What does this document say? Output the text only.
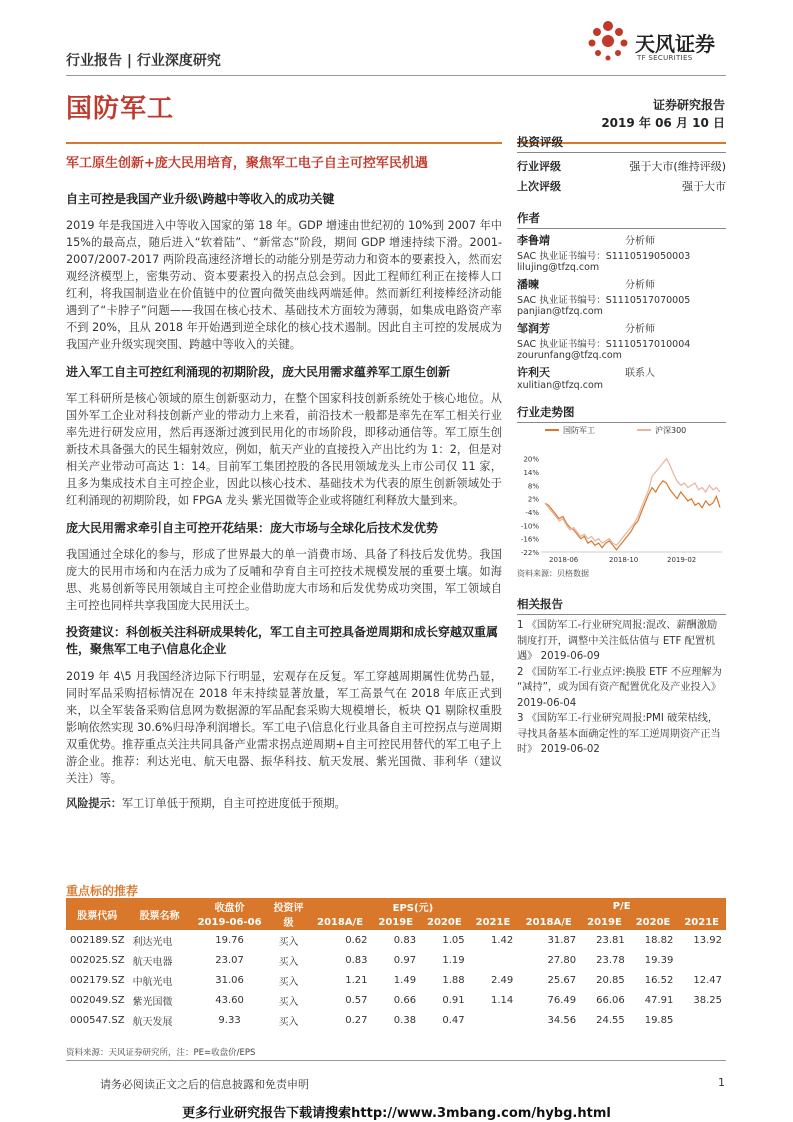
行业报告 | 行业深度研究
天风证券
TF SECURITIES
国防军工	证券研究报告
2019 年 06 月 10 日
军工原生创新+庞大民用培育，聚焦军工电子自主可控军民机遇
自主可控是我国产业升级\跨越中等收入的成功关键

2019 年是我国进入中等收入国家的第 18 年。GDP 增速由世纪初的 10%到 2007 年中 15%的最高点，随后进入“软着陆”、“新常态”阶段，期间 GDP 增速持续下滑。2001-2007/2007-2017 两阶段高速经济增长的动能分别是劳动力和资本的要素投入，然而宏观经济模型上，密集劳动、资本要素投入的拐点总会到。因此工程师红利正在接棒人口红利，将我国制造业在价值链中的位置向微笑曲线两端延伸。然而新红利接棒经济动能遇到了“卡脖子”问题——我国在核心技术、基础技术方面较为薄弱，如集成电路资产率不到 20%，且从 2018 年开始遇到逆全球化的核心技术遏制。因此自主可控的发展成为我国产业升级实现突围、跨越中等收入的关键。

进入军工自主可控红利涌现的初期阶段，庞大民用需求蕴养军工原生创新

军工科研所是核心领域的原生创新驱动力，在整个国家科技创新系统处于核心地位。从国外军工企业对科技创新产业的带动力上来看，前沿技术一般都是率先在军工相关行业率先进行研发应用，然后再逐渐过渡到民用化的市场阶段，即移动通信等。军工原生创新技术具备强大的民生辐射效应，例如，航天产业的直接投入产出比约为 1：2，但是对相关产业带动可高达 1：14。目前军工集团控股的各民用领域龙头上市公司仅 11 家，且多为集成技术自主可控企业，因此以核心技术、基础技术为代表的原生创新领域处于红利涌现的初期阶段，如 FPGA 龙头 紫光国微等企业或将随红利释放大量到来。

庞大民用需求牵引自主可控开花结果：庞大市场与全球化后技术发优势

我国通过全球化的参与，形成了世界最大的单一消费市场、具备了科技后发优势。我国庞大的民用市场和内在活力成为了反哺和孕育自主可控技术规模发展的重要土壤。如海思、兆易创新等民用领域自主可控企业借助庞大市场和后发优势成功突围，军工领域自主可控也同样共享我国庞大民用沃土。

投资建议：科创板关注科研成果转化，军工自主可控具备逆周期和成长穿越双重属性，聚焦军工电子\信息化企业

2019 年 4\5 月我国经济边际下行明显，宏观存在反复。军工穿越周期属性优势凸显，同时军品采购招标情况在 2018 年末持续显著放量，军工高景气在 2018 年底正式到来，以全军装备采购信息网为数据源的军品配套采购大规模增长，板块 Q1 剔除权重股影响依然实现 30.6%归母净利润增长。军工电子\信息化行业具备自主可控拐点与逆周期双重优势。推荐重点关注共同具备产业需求拐点逆周期+自主可控民用替代的军工电子上游企业。推荐：利达光电、航天电器、振华科技、航天发展、紫光国微、菲利华（建议关注）等。

风险提示：军工订单低于预期，自主可控进度低于预期。

投资评级
行业评级	强于大市(维持评级)
上次评级	强于大市
作者
李鲁靖	分析师
SAC 执业证书编号：S1110519050003
lilujing@tfzq.com
潘暕	分析师
SAC 执业证书编号：S1110517070005
panjian@tfzq.com
邹润芳	分析师
SAC 执业证书编号：S1110517010004
zourunfang@tfzq.com
许利天	联系人
xulitian@tfzq.com
行业走势图
国防军工	沪深300
20%
14%
8%
2%
-4%
-10%
-16%
-22%
2018-06	2018-10	2019-02
资料来源：贝格数据
相关报告
1 《国防军工-行业研究周报:混改、薪酬激励制度打开，调整中关注低估值与 ETF 配置机遇》 2019-06-09
2 《国防军工-行业点评:换股 ETF 不应理解为 “减持”，或为国有资产配置优化及产业投入》 2019-06-04
3 《国防军工-行业研究周报:PMI 破荣枯线，寻找具备基本面确定性的军工逆周期资产正当时》 2019-06-02
重点标的推荐
股票代码	股票名称	收盘价	投资评级	EPS(元)				P/E			
		2019-06-06		2018A/E	2019E	2020E	2021E	2018A/E	2019E	2020E	2021E
002189.SZ	利达光电	19.76	买入	0.62	0.83	1.05	1.42	31.87	23.81	18.82	13.92
002025.SZ	航天电器	23.07	买入	0.83	0.97	1.19		27.80	23.78	19.39	
002179.SZ	中航光电	31.06	买入	1.21	1.49	1.88	2.49	25.67	20.85	16.52	12.47
002049.SZ	紫光国微	43.60	买入	0.57	0.66	0.91	1.14	76.49	66.06	47.91	38.25
000547.SZ	航天发展	9.33	买入	0.27	0.38	0.47		34.56	24.55	19.85	
资料来源：天风证券研究所，注：PE=收盘价/EPS
请务必阅读正文之后的信息披露和免责申明	1
更多行业研究报告下载请搜索http://www.3mbang.com/hybg.html
